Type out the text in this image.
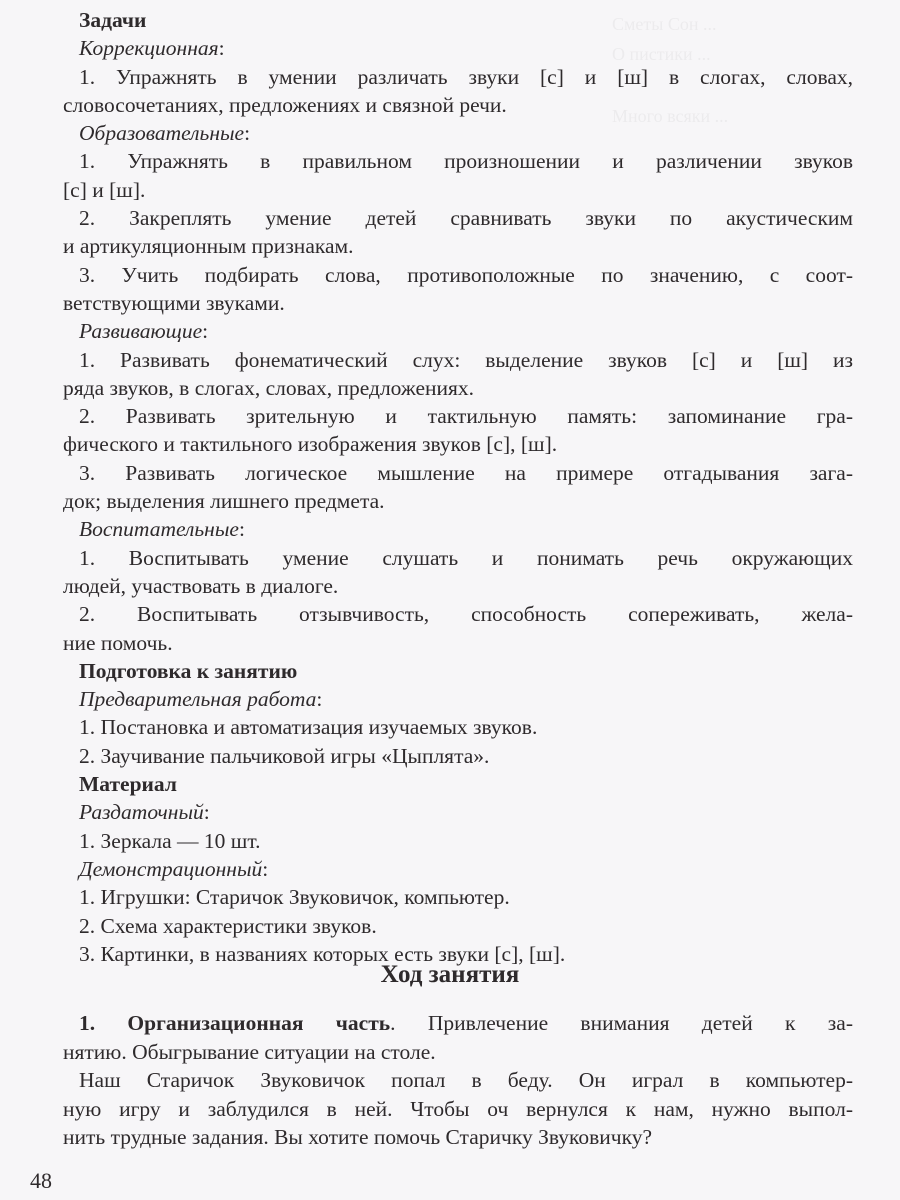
Сметы Сон ...
О пистики ...
Много всяки ...
Задачи
Коррекционная:
1. Упражнять в умении различать звуки [с] и [ш] в слогах, словах,
словосочетаниях, предложениях и связной речи.
Образовательные:
1. Упражнять в правильном произношении и различении звуков
[с] и [ш].
2. Закреплять умение детей сравнивать звуки по акустическим
и артикуляционным признакам.
3. Учить подбирать слова, противоположные по значению, с соот-
ветствующими звуками.
Развивающие:
1. Развивать фонематический слух: выделение звуков [с] и [ш] из
ряда звуков, в слогах, словах, предложениях.
2. Развивать зрительную и тактильную память: запоминание гра-
фического и тактильного изображения звуков [с], [ш].
3. Развивать логическое мышление на примере отгадывания зага-
док; выделения лишнего предмета.
Воспитательные:
1. Воспитывать умение слушать и понимать речь окружающих
людей, участвовать в диалоге.
2. Воспитывать отзывчивость, способность сопереживать, жела-
ние помочь.
Подготовка к занятию
Предварительная работа:
1. Постановка и автоматизация изучаемых звуков.
2. Заучивание пальчиковой игры «Цыплята».
Материал
Раздаточный:
1. Зеркала — 10 шт.
Демонстрационный:
1. Игрушки: Старичок Звуковичок, компьютер.
2. Схема характеристики звуков.
3. Картинки, в названиях которых есть звуки [с], [ш].
Ход занятия
1. Организационная часть. Привлечение внимания детей к за-
нятию. Обыгрывание ситуации на столе.
Наш Старичок Звуковичок попал в беду. Он играл в компьютер-
ную игру и заблудился в ней. Чтобы оч вернулся к нам, нужно выпол-
нить трудные задания. Вы хотите помочь Старичку Звуковичку?
48
